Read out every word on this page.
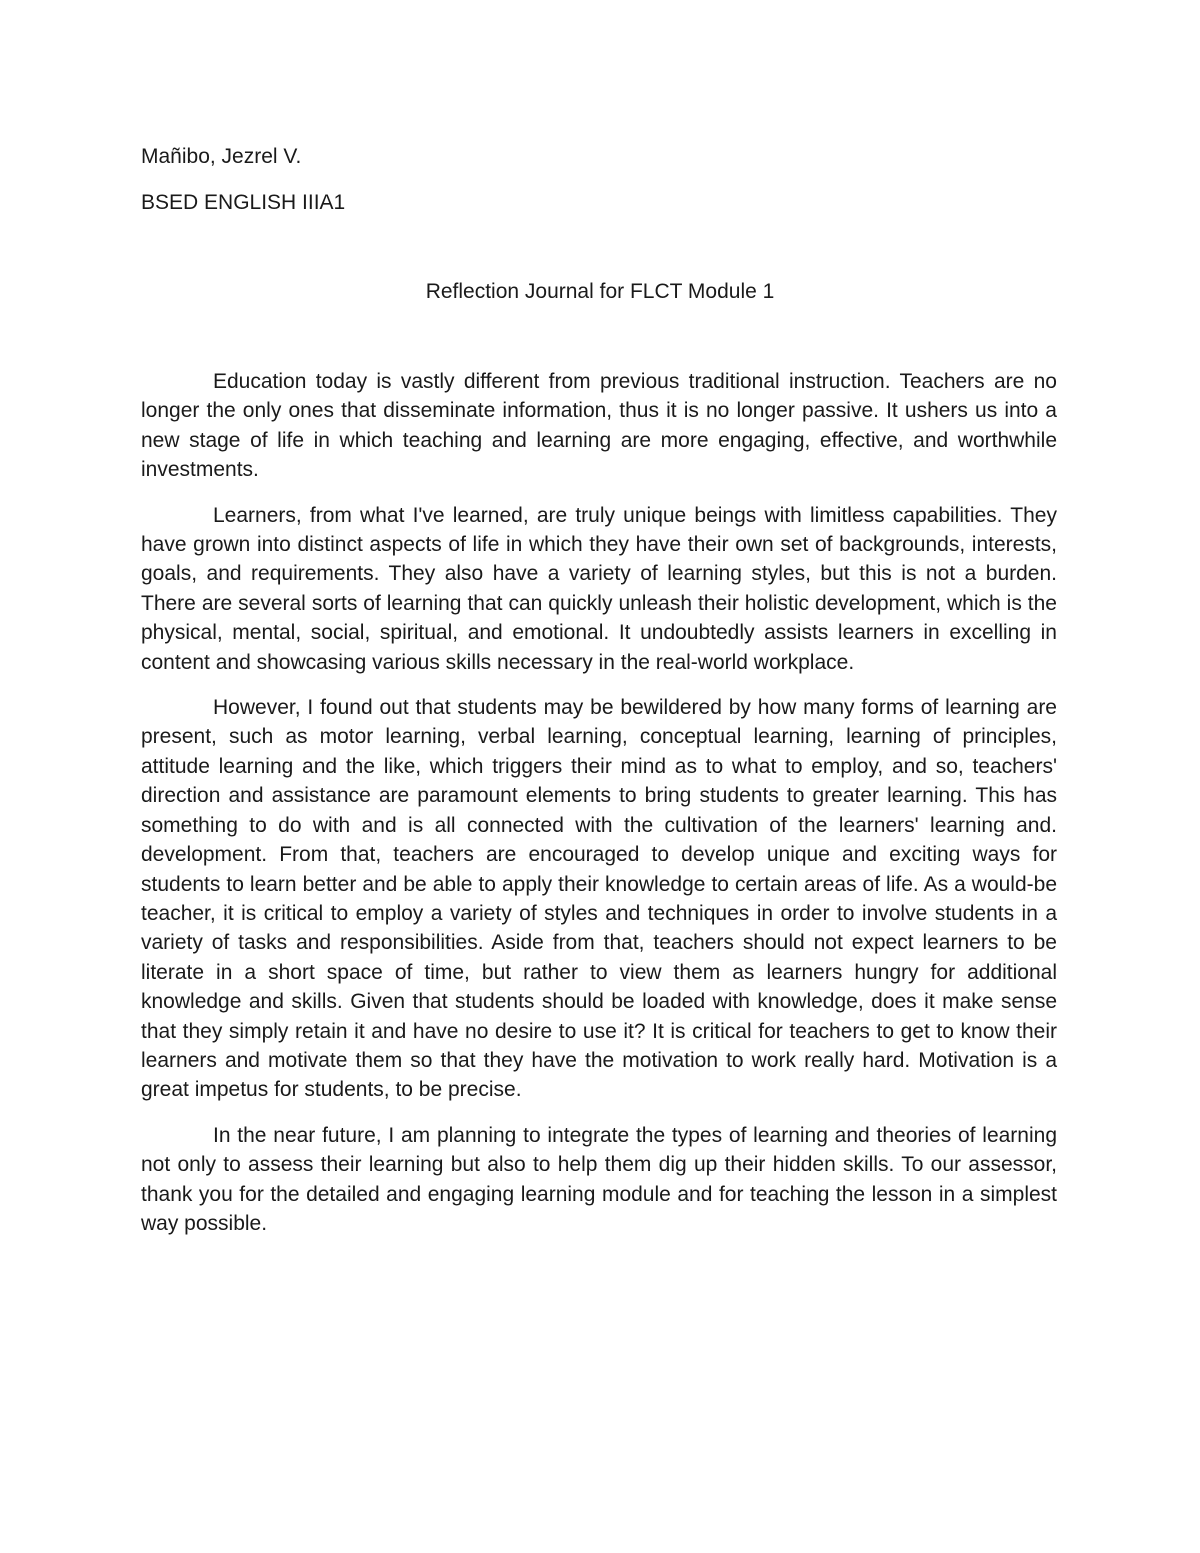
Mañibo, Jezrel V.

BSED ENGLISH IIIA1

Reflection Journal for FLCT Module 1

Education today is vastly different from previous traditional instruction. Teachers are no longer the only ones that disseminate information, thus it is no longer passive. It ushers us into a new stage of life in which teaching and learning are more engaging, effective, and worthwhile investments.

Learners, from what I've learned, are truly unique beings with limitless capabilities. They have grown into distinct aspects of life in which they have their own set of backgrounds, interests, goals, and requirements. They also have a variety of learning styles, but this is not a burden. There are several sorts of learning that can quickly unleash their holistic development, which is the physical, mental, social, spiritual, and emotional. It undoubtedly assists learners in excelling in content and showcasing various skills necessary in the real-world workplace.

However, I found out that students may be bewildered by how many forms of learning are present, such as motor learning, verbal learning, conceptual learning, learning of principles, attitude learning and the like, which triggers their mind as to what to employ, and so, teachers' direction and assistance are paramount elements to bring students to greater learning. This has something to do with and is all connected with the cultivation of the learners' learning and. development. From that, teachers are encouraged to develop unique and exciting ways for students to learn better and be able to apply their knowledge to certain areas of life. As a would-be teacher, it is critical to employ a variety of styles and techniques in order to involve students in a variety of tasks and responsibilities. Aside from that, teachers should not expect learners to be literate in a short space of time, but rather to view them as learners hungry for additional knowledge and skills. Given that students should be loaded with knowledge, does it make sense that they simply retain it and have no desire to use it? It is critical for teachers to get to know their learners and motivate them so that they have the motivation to work really hard. Motivation is a great impetus for students, to be precise.

In the near future, I am planning to integrate the types of learning and theories of learning not only to assess their learning but also to help them dig up their hidden skills. To our assessor, thank you for the detailed and engaging learning module and for teaching the lesson in a simplest way possible.
